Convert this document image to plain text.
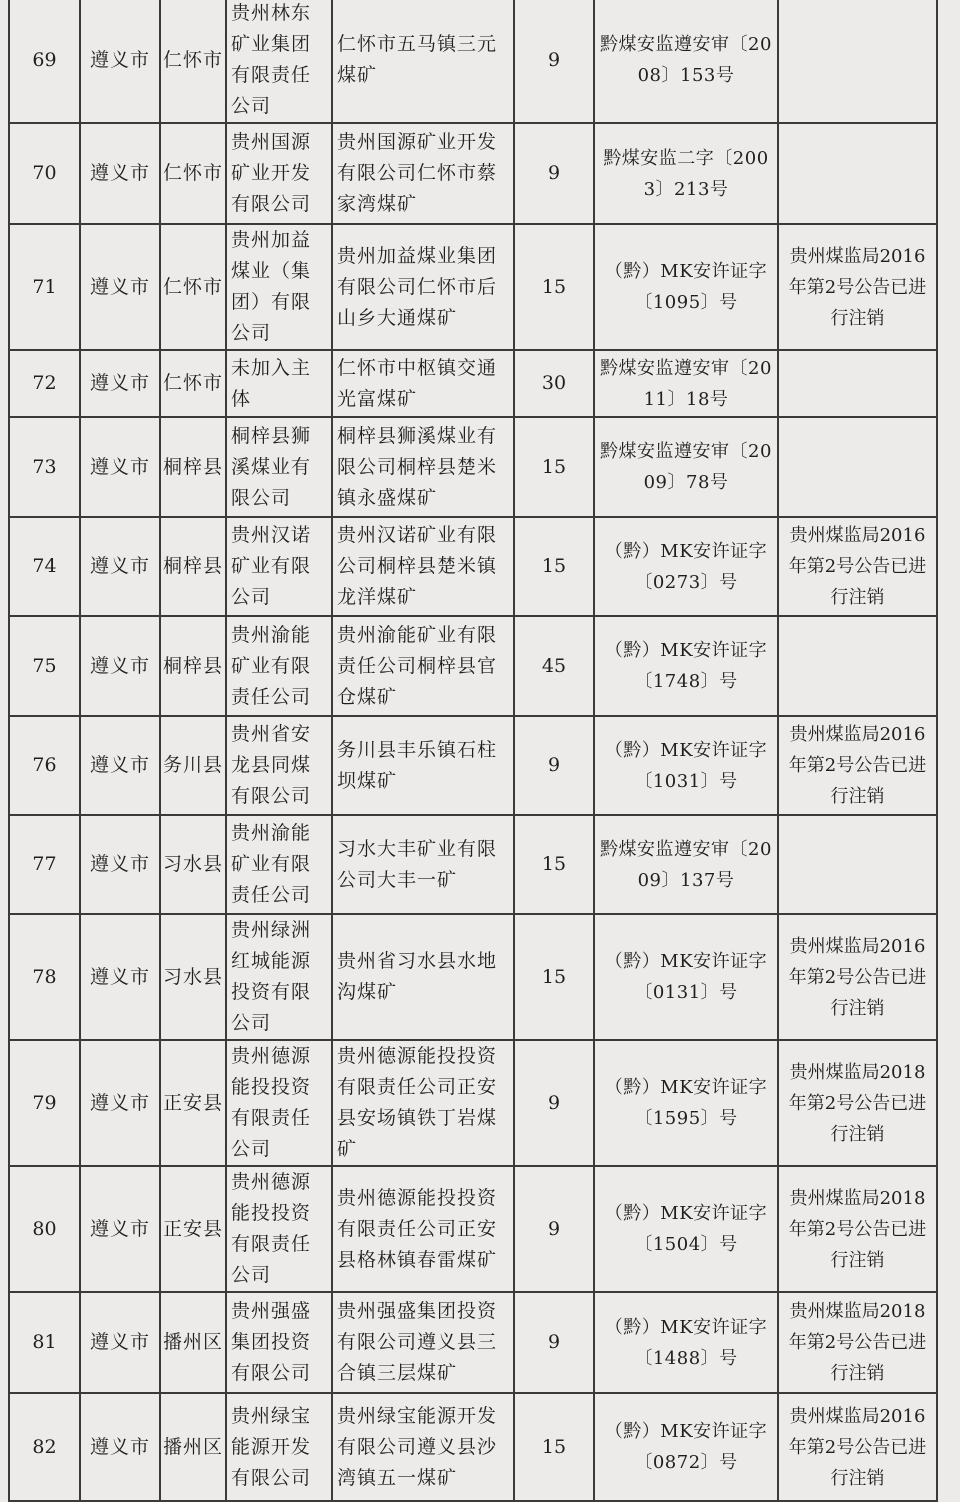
69	遵义市	仁怀市	贵州林东矿业集团有限责任公司	仁怀市五马镇三元煤矿	9	黔煤安监遵安审〔2008〕153号	
70	遵义市	仁怀市	贵州国源矿业开发有限公司	贵州国源矿业开发有限公司仁怀市蔡家湾煤矿	9	黔煤安监二字〔2003〕213号	
71	遵义市	仁怀市	贵州加益煤业（集团）有限公司	贵州加益煤业集团有限公司仁怀市后山乡大通煤矿	15	（黔）MK安许证字〔1095〕号	贵州煤监局2016年第2号公告已进行注销
72	遵义市	仁怀市	未加入主体	仁怀市中枢镇交通光富煤矿	30	黔煤安监遵安审〔2011〕18号	
73	遵义市	桐梓县	桐梓县狮溪煤业有限公司	桐梓县狮溪煤业有限公司桐梓县楚米镇永盛煤矿	15	黔煤安监遵安审〔2009〕78号	
74	遵义市	桐梓县	贵州汉诺矿业有限公司	贵州汉诺矿业有限公司桐梓县楚米镇龙洋煤矿	15	（黔）MK安许证字〔0273〕号	贵州煤监局2016年第2号公告已进行注销
75	遵义市	桐梓县	贵州渝能矿业有限责任公司	贵州渝能矿业有限责任公司桐梓县官仓煤矿	45	（黔）MK安许证字〔1748〕号	
76	遵义市	务川县	贵州省安龙县同煤有限公司	务川县丰乐镇石柱坝煤矿	9	（黔）MK安许证字〔1031〕号	贵州煤监局2016年第2号公告已进行注销
77	遵义市	习水县	贵州渝能矿业有限责任公司	习水大丰矿业有限公司大丰一矿	15	黔煤安监遵安审〔2009〕137号	
78	遵义市	习水县	贵州绿洲红城能源投资有限公司	贵州省习水县水地沟煤矿	15	（黔）MK安许证字〔0131〕号	贵州煤监局2016年第2号公告已进行注销
79	遵义市	正安县	贵州德源能投投资有限责任公司	贵州德源能投投资有限责任公司正安县安场镇铁丁岩煤矿	9	（黔）MK安许证字〔1595〕号	贵州煤监局2018年第2号公告已进行注销
80	遵义市	正安县	贵州德源能投投资有限责任公司	贵州德源能投投资有限责任公司正安县格林镇春雷煤矿	9	（黔）MK安许证字〔1504〕号	贵州煤监局2018年第2号公告已进行注销
81	遵义市	播州区	贵州强盛集团投资有限公司	贵州强盛集团投资有限公司遵义县三合镇三层煤矿	9	（黔）MK安许证字〔1488〕号	贵州煤监局2018年第2号公告已进行注销
82	遵义市	播州区	贵州绿宝能源开发有限公司	贵州绿宝能源开发有限公司遵义县沙湾镇五一煤矿	15	（黔）MK安许证字〔0872〕号	贵州煤监局2016年第2号公告已进行注销
